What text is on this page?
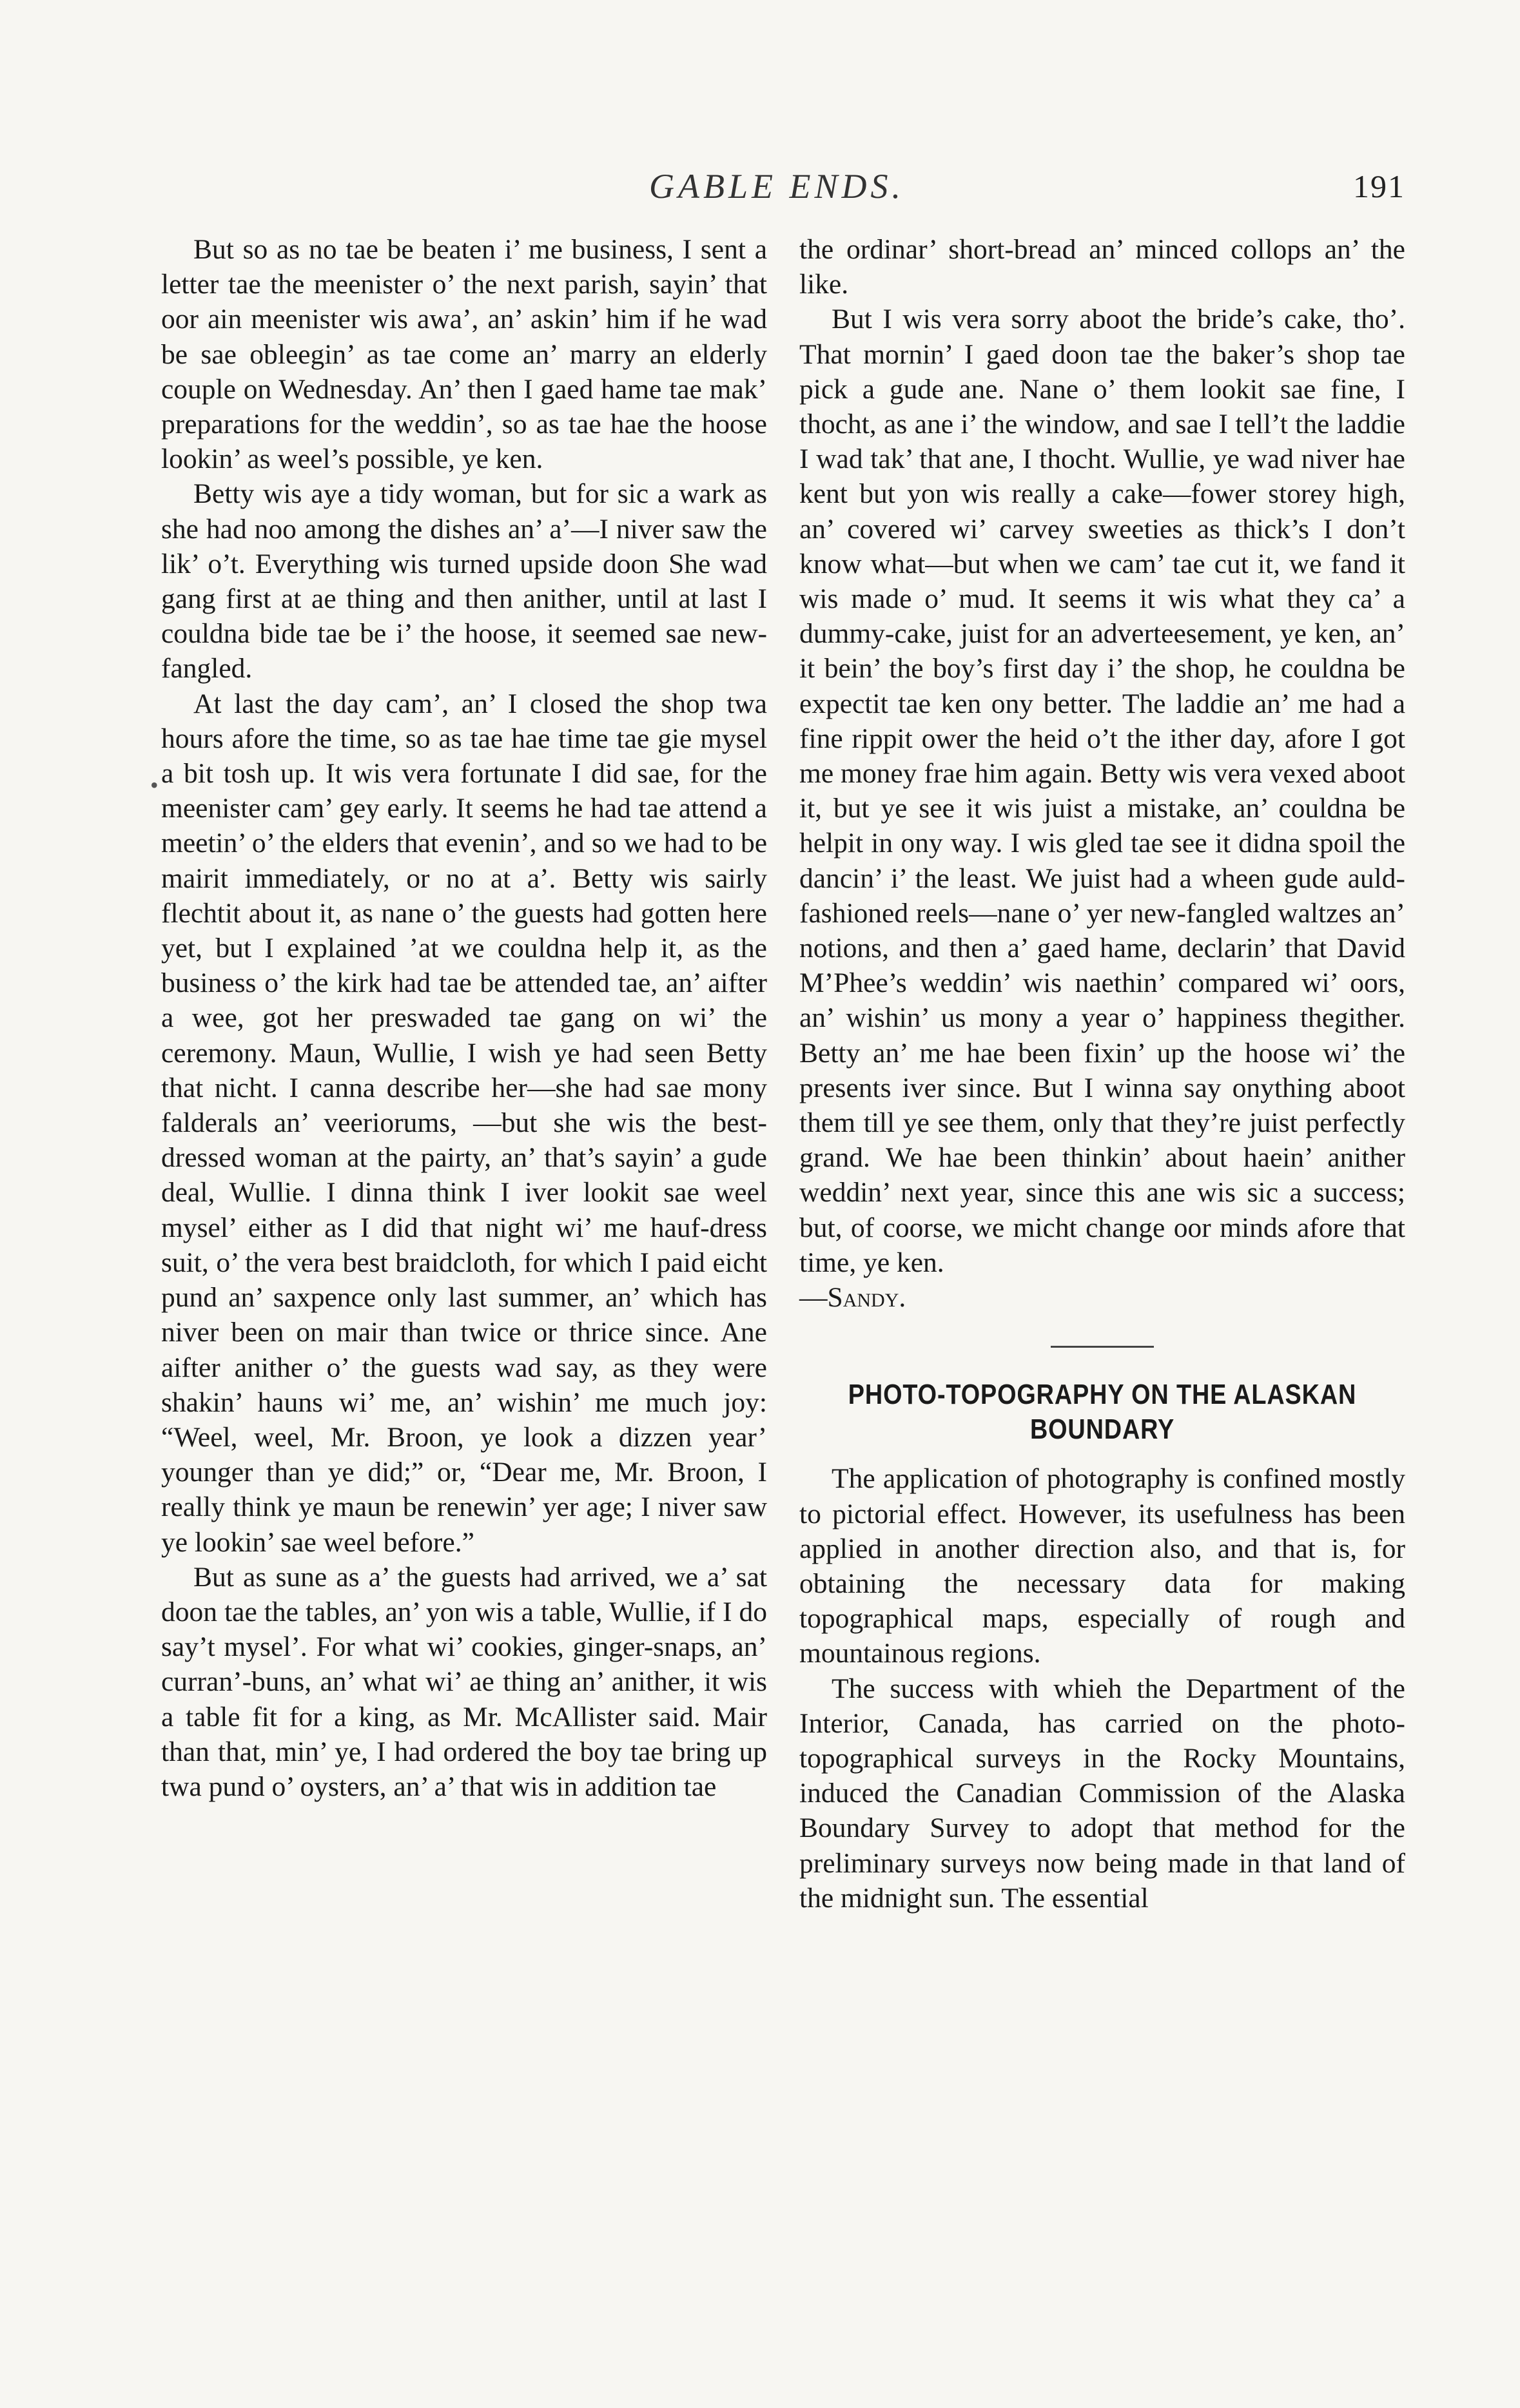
GABLE ENDS.	191
•

But so as no tae be beaten i’ me business, I sent a letter tae the meenister o’ the next parish, sayin’ that oor ain meenister wis awa’, an’ askin’ him if he wad be sae obleegin’ as tae come an’ marry an elderly couple on Wednesday. An’ then I gaed hame tae mak’ preparations for the weddin’, so as tae hae the hoose lookin’ as weel’s possible, ye ken.

Betty wis aye a tidy woman, but for sic a wark as she had noo among the dishes an’ a’—I niver saw the lik’ o’t. Everything wis turned upside doon She wad gang first at ae thing and then anither, until at last I couldna bide tae be i’ the hoose, it seemed sae new-fangled.

At last the day cam’, an’ I closed the shop twa hours afore the time, so as tae hae time tae gie mysel a bit tosh up. It wis vera fortunate I did sae, for the meenister cam’ gey early. It seems he had tae attend a meetin’ o’ the elders that evenin’, and so we had to be mairit immediately, or no at a’. Betty wis sairly flechtit about it, as nane o’ the guests had gotten here yet, but I explained ’at we couldna help it, as the business o’ the kirk had tae be attended tae, an’ aifter a wee, got her preswaded tae gang on wi’ the ceremony. Maun, Wullie, I wish ye had seen Betty that nicht. I canna describe her—she had sae mony falderals an’ veeriorums, —but she wis the best-dressed woman at the pairty, an’ that’s sayin’ a gude deal, Wullie. I dinna think I iver lookit sae weel mysel’ either as I did that night wi’ me hauf-dress suit, o’ the vera best braidcloth, for which I paid eicht pund an’ saxpence only last summer, an’ which has niver been on mair than twice or thrice since. Ane aifter anither o’ the guests wad say, as they were shakin’ hauns wi’ me, an’ wishin’ me much joy: “Weel, weel, Mr. Broon, ye look a dizzen year’ younger than ye did;” or, “Dear me, Mr. Broon, I really think ye maun be renewin’ yer age; I niver saw ye lookin’ sae weel before.”

But as sune as a’ the guests had arrived, we a’ sat doon tae the tables, an’ yon wis a table, Wullie, if I do say’t mysel’. For what wi’ cookies, ginger-snaps, an’ curran’-buns, an’ what wi’ ae thing an’ anither, it wis a table fit for a king, as Mr. McAllister said. Mair than that, min’ ye, I had ordered the boy tae bring up twa pund o’ oysters, an’ a’ that wis in addition tae

the ordinar’ short-bread an’ minced collops an’ the like.

But I wis vera sorry aboot the bride’s cake, tho’. That mornin’ I gaed doon tae the baker’s shop tae pick a gude ane. Nane o’ them lookit sae fine, I thocht, as ane i’ the window, and sae I tell’t the laddie I wad tak’ that ane, I thocht. Wullie, ye wad niver hae kent but yon wis really a cake—fower storey high, an’ covered wi’ carvey sweeties as thick’s I don’t know what—but when we cam’ tae cut it, we fand it wis made o’ mud. It seems it wis what they ca’ a dummy-cake, juist for an adverteesement, ye ken, an’ it bein’ the boy’s first day i’ the shop, he couldna be expectit tae ken ony better. The laddie an’ me had a fine rippit ower the heid o’t the ither day, afore I got me money frae him again. Betty wis vera vexed aboot it, but ye see it wis juist a mistake, an’ couldna be helpit in ony way. I wis gled tae see it didna spoil the dancin’ i’ the least. We juist had a wheen gude auld-fashioned reels—nane o’ yer new-fangled waltzes an’ notions, and then a’ gaed hame, declarin’ that David M’Phee’s weddin’ wis naethin’ compared wi’ oors, an’ wishin’ us mony a year o’ happiness thegither. Betty an’ me hae been fixin’ up the hoose wi’ the presents iver since. But I winna say onything aboot them till ye see them, only that they’re juist perfectly grand. We hae been thinkin’ about haein’ anither weddin’ next year, since this ane wis sic a success; but, of coorse, we micht change oor minds afore that time, ye ken.

—Sandy.

PHOTO-TOPOGRAPHY ON THE ALASKAN BOUNDARY

The application of photography is confined mostly to pictorial effect. However, its usefulness has been applied in another direction also, and that is, for obtaining the necessary data for making topographical maps, especially of rough and mountainous regions.

The success with whieh the Department of the Interior, Canada, has carried on the photo-topographical surveys in the Rocky Mountains, induced the Canadian Commission of the Alaska Boundary Survey to adopt that method for the preliminary surveys now being made in that land of the midnight sun. The essential
